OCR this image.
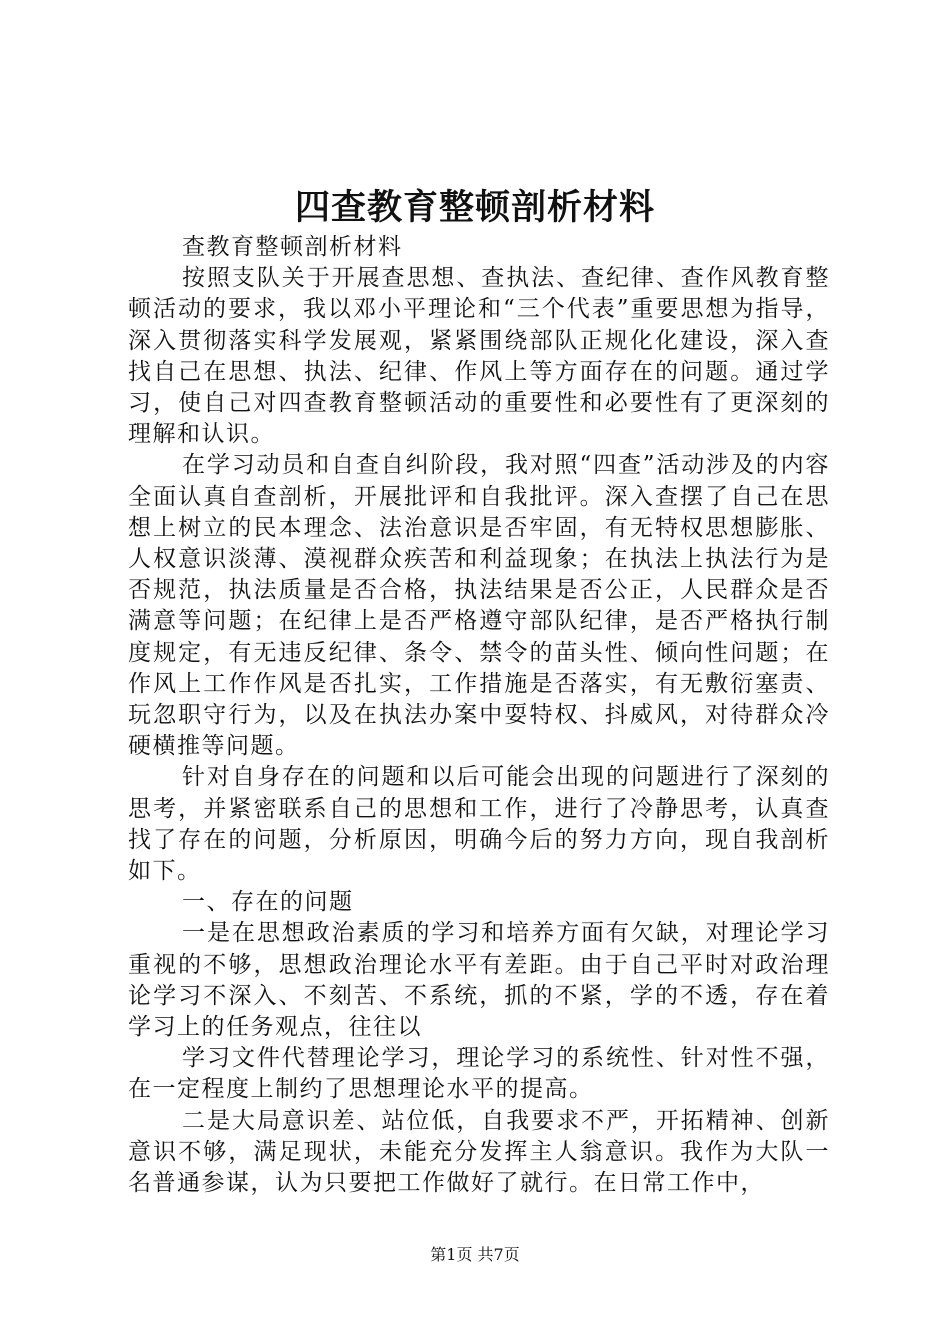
四查教育整顿剖析材料

查教育整顿剖析材料

按照支队关于开展查思想、查执法、查纪律、查作风教育整顿活动的要求，我以邓小平理论和“三个代表”重要思想为指导，深入贯彻落实科学发展观，紧紧围绕部队正规化化建设，深入查找自己在思想、执法、纪律、作风上等方面存在的问题。通过学习，使自己对四查教育整顿活动的重要性和必要性有了更深刻的理解和认识。

在学习动员和自查自纠阶段，我对照“四查”活动涉及的内容全面认真自查剖析，开展批评和自我批评。深入查摆了自己在思想上树立的民本理念、法治意识是否牢固，有无特权思想膨胀、人权意识淡薄、漠视群众疾苦和利益现象；在执法上执法行为是否规范，执法质量是否合格，执法结果是否公正，人民群众是否满意等问题；在纪律上是否严格遵守部队纪律，是否严格执行制度规定，有无违反纪律、条令、禁令的苗头性、倾向性问题；在作风上工作作风是否扎实，工作措施是否落实，有无敷衍塞责、玩忽职守行为，以及在执法办案中耍特权、抖威风，对待群众冷硬横推等问题。

针对自身存在的问题和以后可能会出现的问题进行了深刻的思考，并紧密联系自己的思想和工作，进行了冷静思考，认真查找了存在的问题，分析原因，明确今后的努力方向，现自我剖析如下。

一、存在的问题

一是在思想政治素质的学习和培养方面有欠缺，对理论学习重视的不够，思想政治理论水平有差距。由于自己平时对政治理论学习不深入、不刻苦、不系统，抓的不紧，学的不透，存在着学习上的任务观点，往往以

学习文件代替理论学习，理论学习的系统性、针对性不强，在一定程度上制约了思想理论水平的提高。

二是大局意识差、站位低，自我要求不严，开拓精神、创新意识不够，满足现状，未能充分发挥主人翁意识。我作为大队一名普通参谋，认为只要把工作做好了就行。在日常工作中，

第1页 共7页
